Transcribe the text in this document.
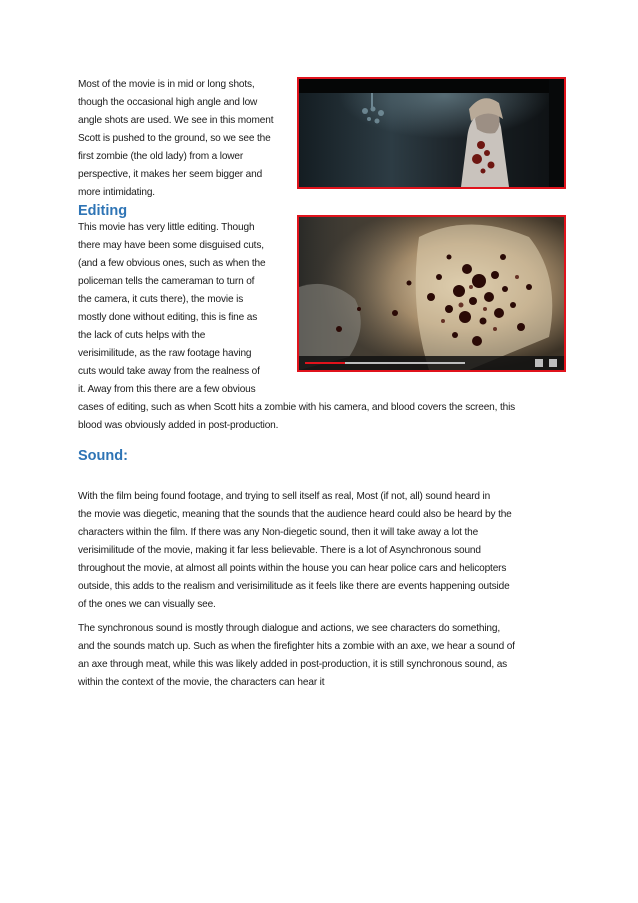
Most of the movie is in mid or long shots,

though the occasional high angle and low

angle shots are used. We see in this moment

Scott is pushed to the ground, so we see the

first zombie (the old lady) from a lower

perspective, it makes her seem bigger and

more intimidating.

Editing

This movie has very little editing. Though

there may have been some disguised cuts,

(and a few obvious ones, such as when the

policeman tells the cameraman to turn of

the camera, it cuts there), the movie is

mostly done without editing, this is fine as

the lack of cuts helps with the

verisimilitude, as the raw footage having

cuts would take away from the realness of

it. Away from this there are a few obvious

cases of editing, such as when Scott hits a zombie with his camera, and blood covers the screen, this

blood was obviously added in post-production.

Sound:

With the film being found footage, and trying to sell itself as real, Most (if not, all) sound heard in

the movie was diegetic, meaning that the sounds that the audience heard could also be heard by the

characters within the film. If there was any Non-diegetic sound, then it will take away a lot the

verisimilitude of the movie, making it far less believable. There is a lot of Asynchronous sound

throughout the movie, at almost all points within the house you can hear police cars and helicopters

outside, this adds to the realism and verisimilitude as it feels like there are events happening outside

of the ones we can visually see.

The synchronous sound is mostly through dialogue and actions, we see characters do something,

and the sounds match up. Such as when the firefighter hits a zombie with an axe, we hear a sound of

an axe through meat, while this was likely added in post-production, it is still synchronous sound, as

within the context of the movie, the characters can hear it
